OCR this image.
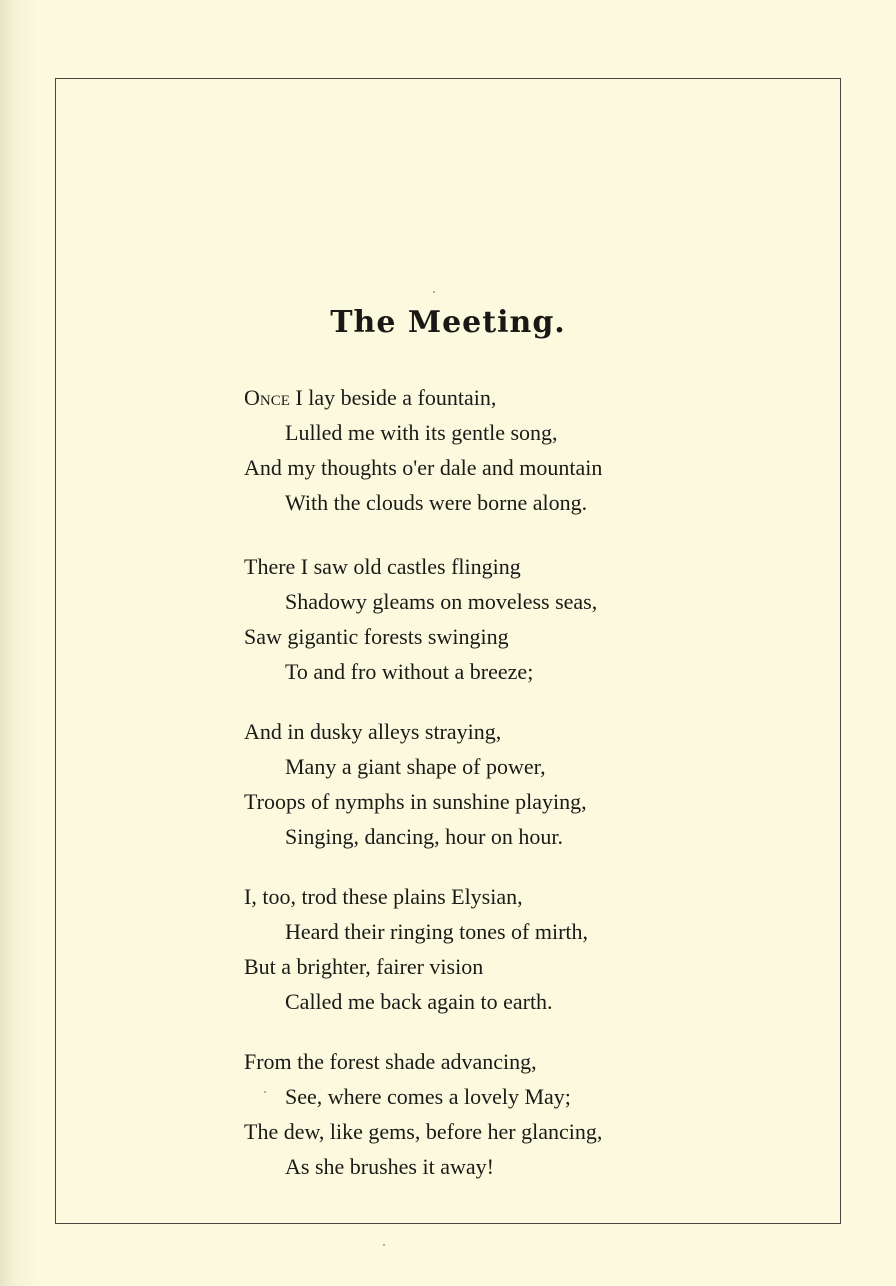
The Meeting.
Once I lay beside a fountain,
Lulled me with its gentle song,
And my thoughts o'er dale and mountain
With the clouds were borne along.
There I saw old castles flinging
Shadowy gleams on moveless seas,
Saw gigantic forests swinging
To and fro without a breeze;
And in dusky alleys straying,
Many a giant shape of power,
Troops of nymphs in sunshine playing,
Singing, dancing, hour on hour.
I, too, trod these plains Elysian,
Heard their ringing tones of mirth,
But a brighter, fairer vision
Called me back again to earth.
From the forest shade advancing,
See, where comes a lovely May;
The dew, like gems, before her glancing,
As she brushes it away!
